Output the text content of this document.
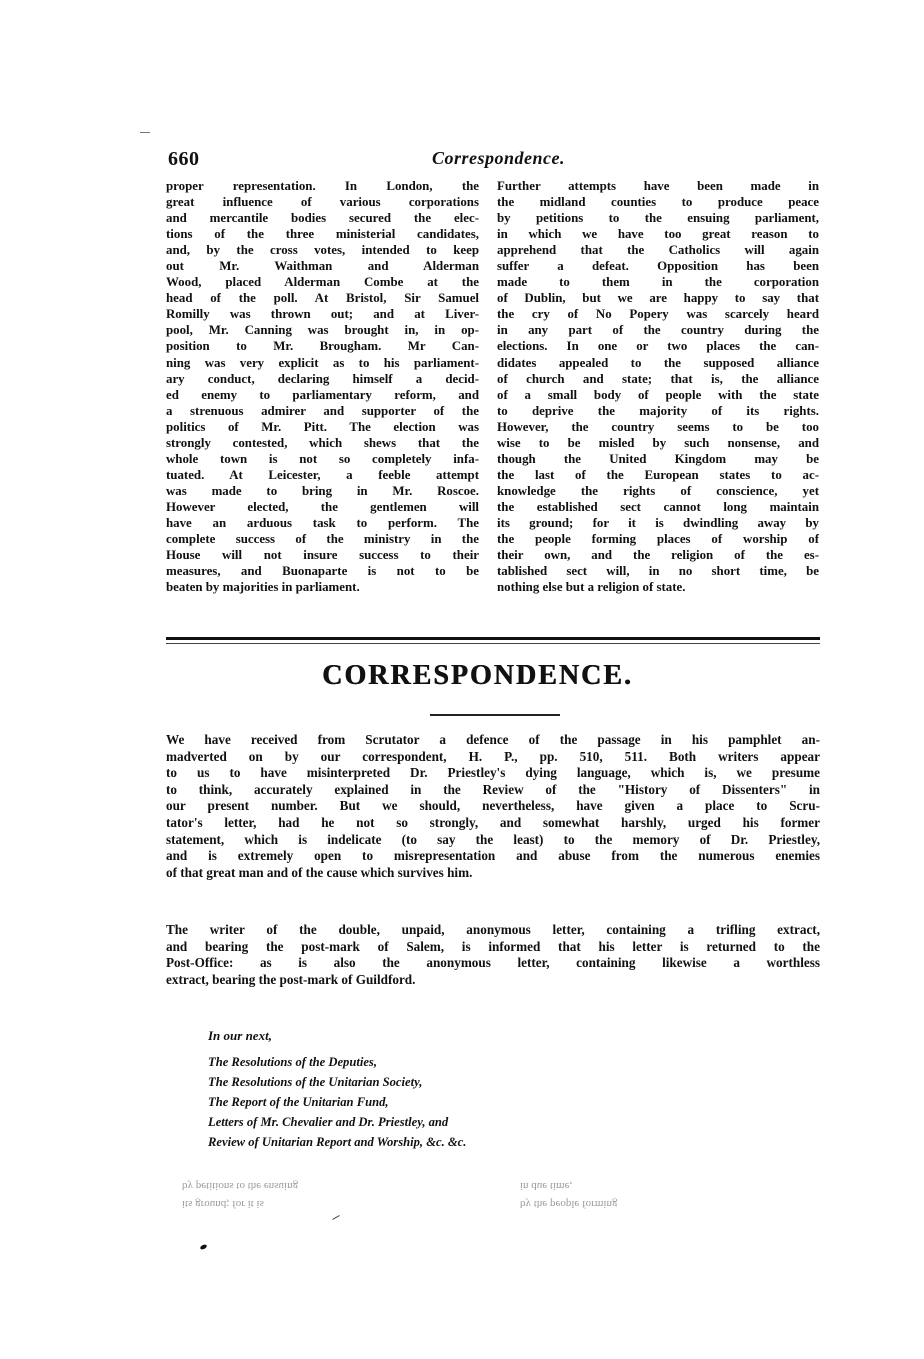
660	Correspondence.
proper representation. In London, the
great influence of various corporations
and mercantile bodies secured the elec-
tions of the three ministerial candidates,
and, by the cross votes, intended to keep
out Mr. Waithman and Alderman
Wood, placed Alderman Combe at the
head of the poll. At Bristol, Sir Samuel
Romilly was thrown out; and at Liver-
pool, Mr. Canning was brought in, in op-
position to Mr. Brougham. Mr Can-
ning was very explicit as to his parliament-
ary conduct, declaring himself a decid-
ed enemy to parliamentary reform, and
a strenuous admirer and supporter of the
politics of Mr. Pitt. The election was
strongly contested, which shews that the
whole town is not so completely infa-
tuated. At Leicester, a feeble attempt
was made to bring in Mr. Roscoe.
However elected, the gentlemen will
have an arduous task to perform. The
complete success of the ministry in the
House will not insure success to their
measures, and Buonaparte is not to be
beaten by majorities in parliament.
Further attempts have been made in
the midland counties to produce peace
by petitions to the ensuing parliament,
in which we have too great reason to
apprehend that the Catholics will again
suffer a defeat. Opposition has been
made to them in the corporation
of Dublin, but we are happy to say that
the cry of No Popery was scarcely heard
in any part of the country during the
elections. In one or two places the can-
didates appealed to the supposed alliance
of church and state; that is, the alliance
of a small body of people with the state
to deprive the majority of its rights.
However, the country seems to be too
wise to be misled by such nonsense, and
though the United Kingdom may be
the last of the European states to ac-
knowledge the rights of conscience, yet
the established sect cannot long maintain
its ground; for it is dwindling away by
the people forming places of worship of
their own, and the religion of the es-
tablished sect will, in no short time, be
nothing else but a religion of state.
CORRESPONDENCE.
We have received from Scrutator a defence of the passage in his pamphlet an-
madverted on by our correspondent, H. P., pp. 510, 511. Both writers appear
to us to have misinterpreted Dr. Priestley's dying language, which is, we presume
to think, accurately explained in the Review of the "History of Dissenters" in
our present number. But we should, nevertheless, have given a place to Scru-
tator's letter, had he not so strongly, and somewhat harshly, urged his former
statement, which is indelicate (to say the least) to the memory of Dr. Priestley,
and is extremely open to misrepresentation and abuse from the numerous enemies
of that great man and of the cause which survives him.
The writer of the double, unpaid, anonymous letter, containing a trifling extract,
and bearing the post-mark of Salem, is informed that his letter is returned to the
Post-Office: as is also the anonymous letter, containing likewise a worthless
extract, bearing the post-mark of Guildford.
In our next,
The Resolutions of the Deputies,
The Resolutions of the Unitarian Society,
The Report of the Unitarian Fund,
Letters of Mr. Chevalier and Dr. Priestley, and
Review of Unitarian Report and Worship, &c. &c.
by petitions to the ensuing	in due time,
its ground; for it is	by the people forming
